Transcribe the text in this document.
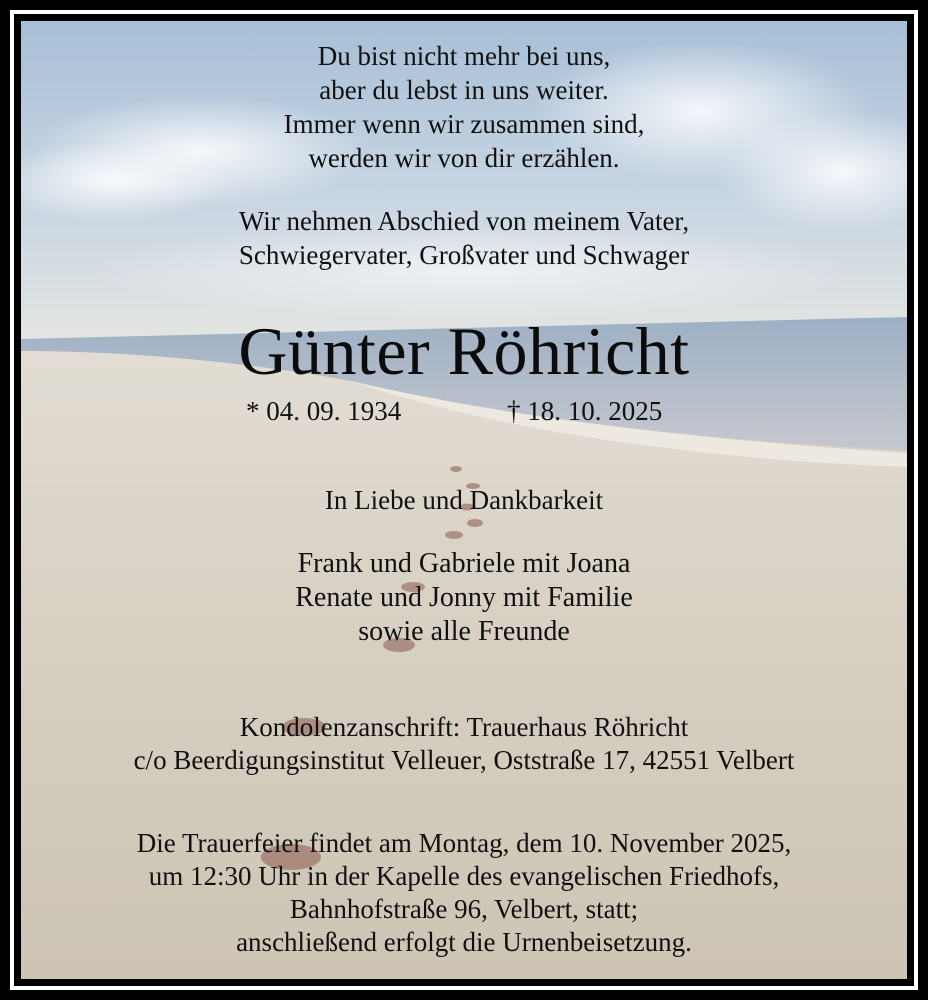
Du bist nicht mehr bei uns,
aber du lebst in uns weiter.
Immer wenn wir zusammen sind,
werden wir von dir erzählen.
Wir nehmen Abschied von meinem Vater,
Schwiegervater, Großvater und Schwager
Günter Röhricht
* 04. 09. 1934	† 18. 10. 2025
In Liebe und Dankbarkeit
Frank und Gabriele mit Joana
Renate und Jonny mit Familie
sowie alle Freunde
Kondolenzanschrift: Trauerhaus Röhricht
c/o Beerdigungsinstitut Velleuer, Oststraße 17, 42551 Velbert
Die Trauerfeier findet am Montag, dem 10. November 2025,
um 12:30 Uhr in der Kapelle des evangelischen Friedhofs,
Bahnhofstraße 96, Velbert, statt;
anschließend erfolgt die Urnenbeisetzung.
